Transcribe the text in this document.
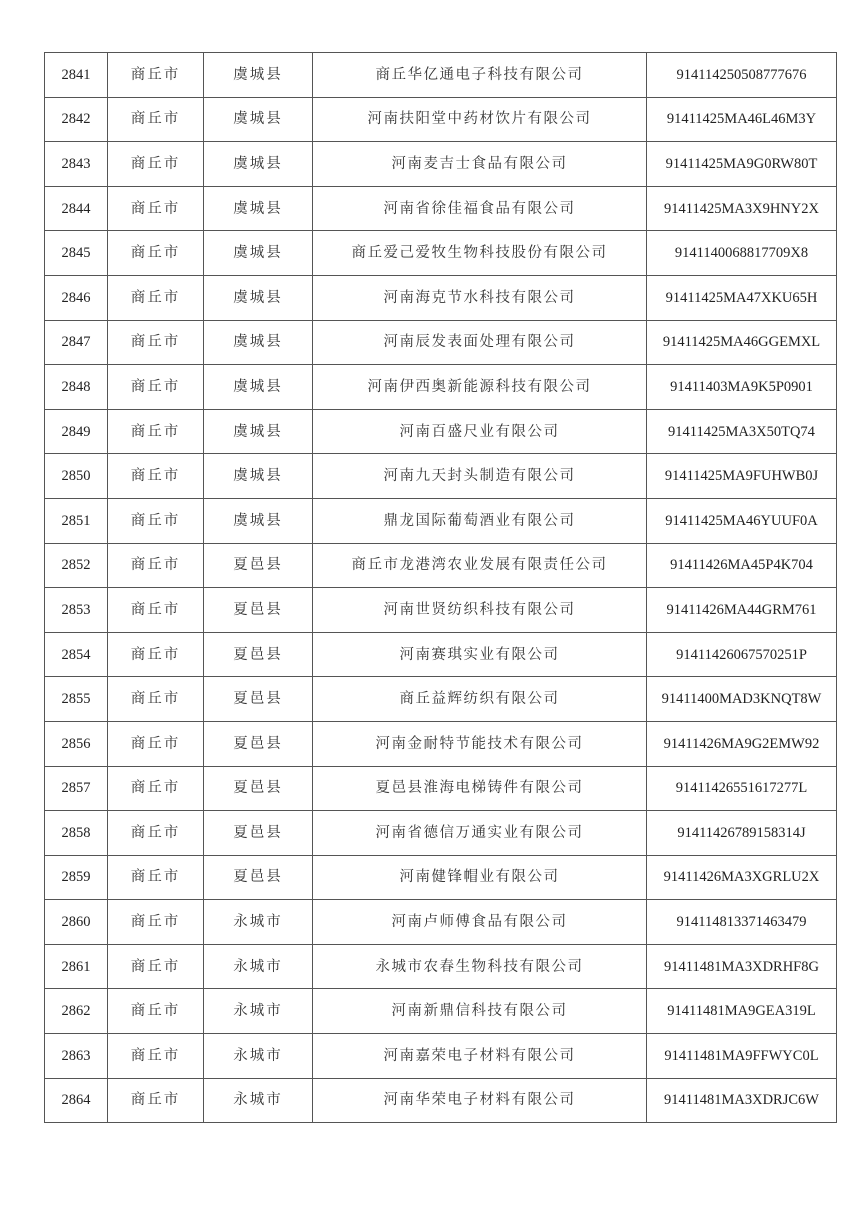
2841	商丘市	虞城县	商丘华亿通电子科技有限公司	914114250508777676
2842	商丘市	虞城县	河南扶阳堂中药材饮片有限公司	91411425MA46L46M3Y
2843	商丘市	虞城县	河南麦吉士食品有限公司	91411425MA9G0RW80T
2844	商丘市	虞城县	河南省徐佳福食品有限公司	91411425MA3X9HNY2X
2845	商丘市	虞城县	商丘爱己爱牧生物科技股份有限公司	9141140068817709X8
2846	商丘市	虞城县	河南海克节水科技有限公司	91411425MA47XKU65H
2847	商丘市	虞城县	河南辰发表面处理有限公司	91411425MA46GGEMXL
2848	商丘市	虞城县	河南伊西奥新能源科技有限公司	91411403MA9K5P0901
2849	商丘市	虞城县	河南百盛尺业有限公司	91411425MA3X50TQ74
2850	商丘市	虞城县	河南九天封头制造有限公司	91411425MA9FUHWB0J
2851	商丘市	虞城县	鼎龙国际葡萄酒业有限公司	91411425MA46YUUF0A
2852	商丘市	夏邑县	商丘市龙港湾农业发展有限责任公司	91411426MA45P4K704
2853	商丘市	夏邑县	河南世贤纺织科技有限公司	91411426MA44GRM761
2854	商丘市	夏邑县	河南赛琪实业有限公司	91411426067570251P
2855	商丘市	夏邑县	商丘益辉纺织有限公司	91411400MAD3KNQT8W
2856	商丘市	夏邑县	河南金耐特节能技术有限公司	91411426MA9G2EMW92
2857	商丘市	夏邑县	夏邑县淮海电梯铸件有限公司	91411426551617277L
2858	商丘市	夏邑县	河南省德信万通实业有限公司	91411426789158314J
2859	商丘市	夏邑县	河南健锋帽业有限公司	91411426MA3XGRLU2X
2860	商丘市	永城市	河南卢师傅食品有限公司	914114813371463479
2861	商丘市	永城市	永城市农春生物科技有限公司	91411481MA3XDRHF8G
2862	商丘市	永城市	河南新鼎信科技有限公司	91411481MA9GEA319L
2863	商丘市	永城市	河南嘉荣电子材料有限公司	91411481MA9FFWYC0L
2864	商丘市	永城市	河南华荣电子材料有限公司	91411481MA3XDRJC6W
